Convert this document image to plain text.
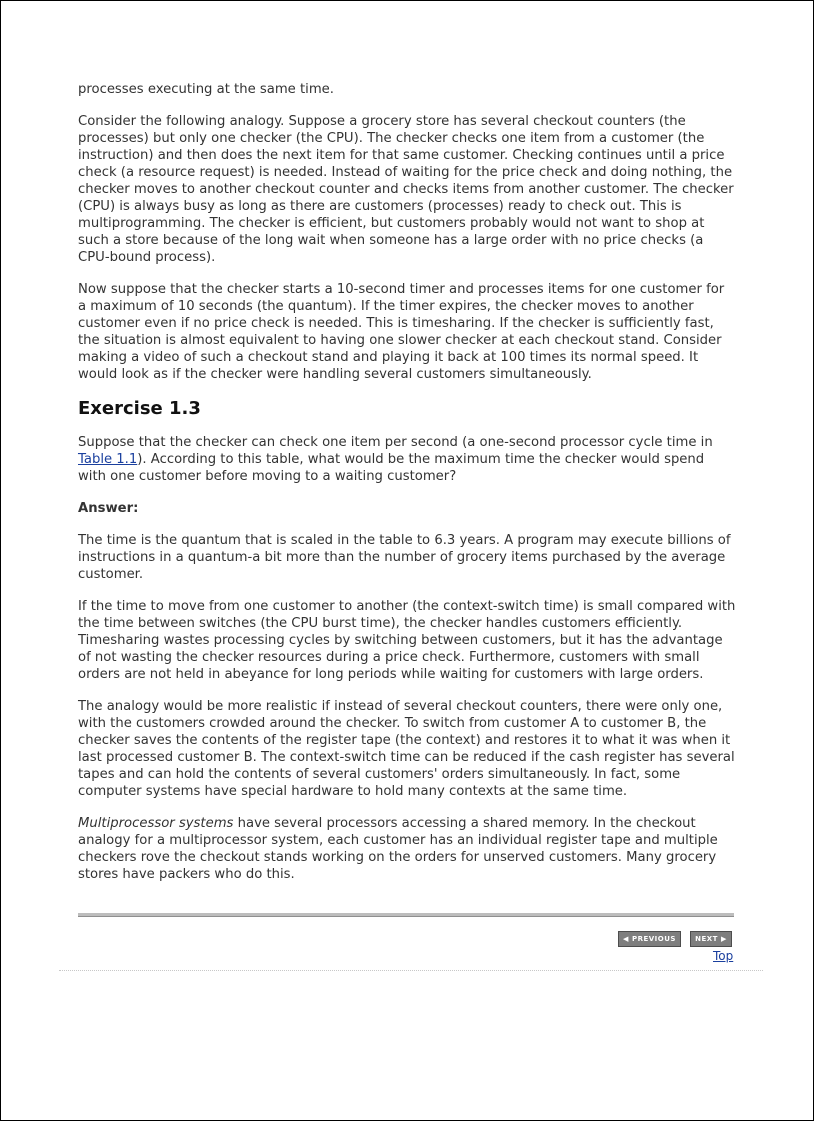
processes executing at the same time.

Consider the following analogy. Suppose a grocery store has several checkout counters (the processes) but only one checker (the CPU). The checker checks one item from a customer (the instruction) and then does the next item for that same customer. Checking continues until a price check (a resource request) is needed. Instead of waiting for the price check and doing nothing, the checker moves to another checkout counter and checks items from another customer. The checker (CPU) is always busy as long as there are customers (processes) ready to check out. This is multiprogramming. The checker is efficient, but customers probably would not want to shop at such a store because of the long wait when someone has a large order with no price checks (a CPU-bound process).

Now suppose that the checker starts a 10-second timer and processes items for one customer for a maximum of 10 seconds (the quantum). If the timer expires, the checker moves to another customer even if no price check is needed. This is timesharing. If the checker is sufficiently fast, the situation is almost equivalent to having one slower checker at each checkout stand. Consider making a video of such a checkout stand and playing it back at 100 times its normal speed. It would look as if the checker were handling several customers simultaneously.

Exercise 1.3

Suppose that the checker can check one item per second (a one-second processor cycle time in Table 1.1). According to this table, what would be the maximum time the checker would spend with one customer before moving to a waiting customer?

Answer:

The time is the quantum that is scaled in the table to 6.3 years. A program may execute billions of instructions in a quantum-a bit more than the number of grocery items purchased by the average customer.

If the time to move from one customer to another (the context-switch time) is small compared with the time between switches (the CPU burst time), the checker handles customers efficiently. Timesharing wastes processing cycles by switching between customers, but it has the advantage of not wasting the checker resources during a price check. Furthermore, customers with small orders are not held in abeyance for long periods while waiting for customers with large orders.

The analogy would be more realistic if instead of several checkout counters, there were only one, with the customers crowded around the checker. To switch from customer A to customer B, the checker saves the contents of the register tape (the context) and restores it to what it was when it last processed customer B. The context-switch time can be reduced if the cash register has several tapes and can hold the contents of several customers' orders simultaneously. In fact, some computer systems have special hardware to hold many contexts at the same time.

Multiprocessor systems have several processors accessing a shared memory. In the checkout analogy for a multiprocessor system, each customer has an individual register tape and multiple checkers rove the checkout stands working on the orders for unserved customers. Many grocery stores have packers who do this.

◀ PREVIOUS	NEXT ▶
Top
